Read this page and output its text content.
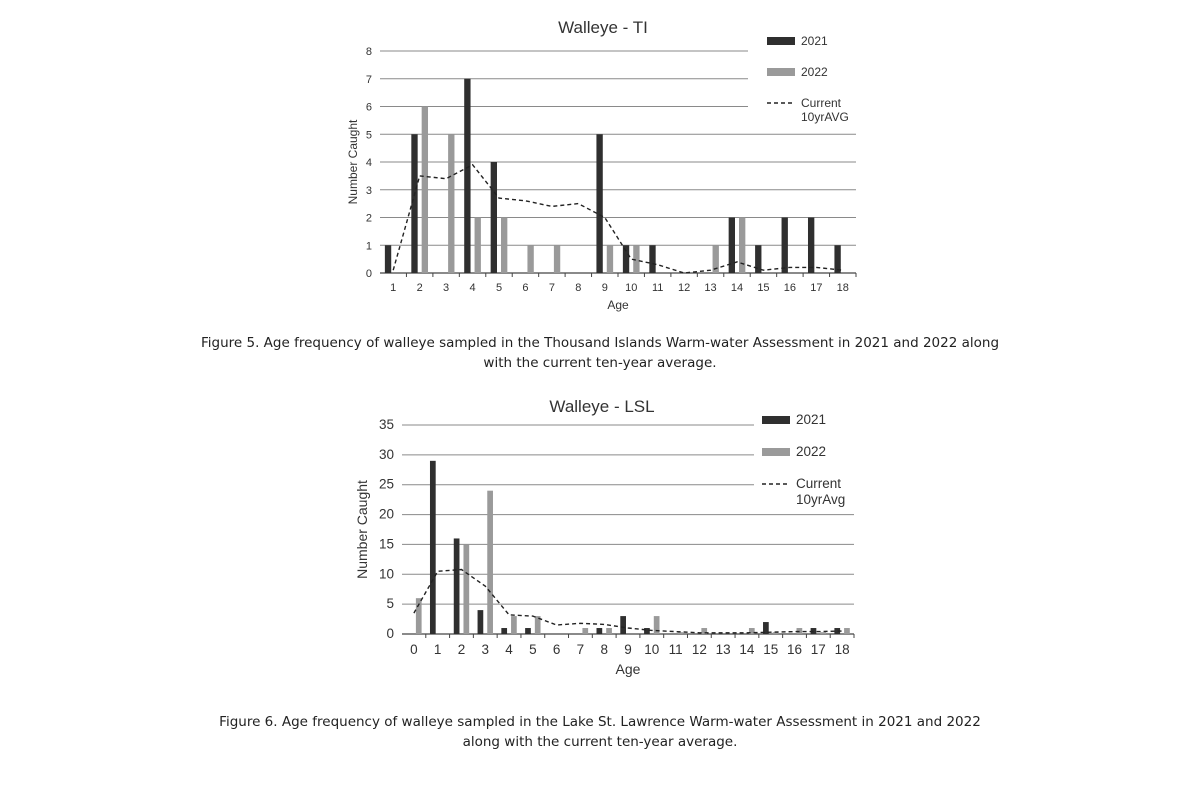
Walleye - TI
0
1
2
3
4
5
6
7
8
1 2 3 4 5 6 7 8 9 10 11 12 13 14 15 16 17 18
Age
Number Caught
2021
2022
Current 10yrAVG
Figure 5. Age frequency of walleye sampled in the Thousand Islands Warm-water Assessment in 2021 and 2022 along with the current ten-year average.
Walleye - LSL
0
5
10
15
20
25
30
35
0 1 2 3 4 5 6 7 8 9 10 11 12 13 14 15 16 17 18
Age
Number Caught
2021
2022
Current 10yrAvg
Figure 6. Age frequency of walleye sampled in the Lake St. Lawrence Warm-water Assessment in 2021 and 2022 along with the current ten-year average.
